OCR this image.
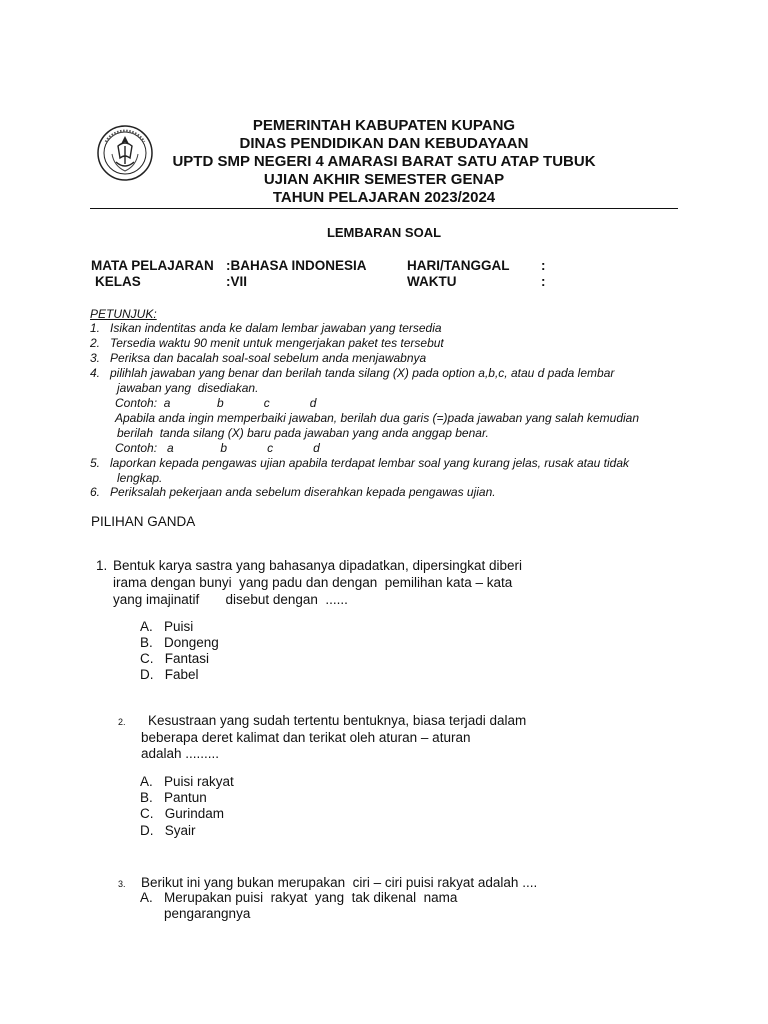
PEMERINTAH KABUPATEN KUPANG
DINAS PENDIDIKAN DAN KEBUDAYAAN
UPTD SMP NEGERI 4 AMARASI BARAT SATU ATAP TUBUK
UJIAN AKHIR SEMESTER GENAP
TAHUN PELAJARAN 2023/2024
LEMBARAN SOAL
MATA PELAJARAN :BAHASA INDONESIA
KELAS	:VII
HARI/TANGGAL :
WAKTU	:
PETUNJUK:
1.   Isikan indentitas anda ke dalam lembar jawaban yang tersedia
2.   Tersedia waktu 90 menit untuk mengerjakan paket tes tersebut
3.   Periksa dan bacalah soal-soal sebelum anda menjawabnya
4.   pilihlah jawaban yang benar dan berilah tanda silang (X) pada option a,b,c, atau d pada lembar
jawaban yang  disediakan.
Contoh:  a              b            c            d
Apabila anda ingin memperbaiki jawaban, berilah dua garis (=)pada jawaban yang salah kemudian
berilah  tanda silang (X) baru pada jawaban yang anda anggap benar.
Contoh:   a              b            c            d
5.   laporkan kepada pengawas ujian apabila terdapat lembar soal yang kurang jelas, rusak atau tidak
lengkap.
6.   Periksalah pekerjaan anda sebelum diserahkan kepada pengawas ujian.
PILIHAN GANDA
1. Bentuk karya sastra yang bahasanya dipadatkan, dipersingkat diberi
irama dengan bunyi  yang padu dan dengan  pemilihan kata – kata
yang imajinatif       disebut dengan  ......
A.   Puisi
B.   Dongeng
C.   Fantasi
D.   Fabel
2. Kesustraan yang sudah tertentu bentuknya, biasa terjadi dalam
beberapa deret kalimat dan terikat oleh aturan – aturan
adalah .........
A.   Puisi rakyat
B.   Pantun
C.   Gurindam
D.   Syair
3. Berikut ini yang bukan merupakan  ciri – ciri puisi rakyat adalah ....
A.   Merupakan puisi  rakyat  yang  tak dikenal  nama
pengarangnya
